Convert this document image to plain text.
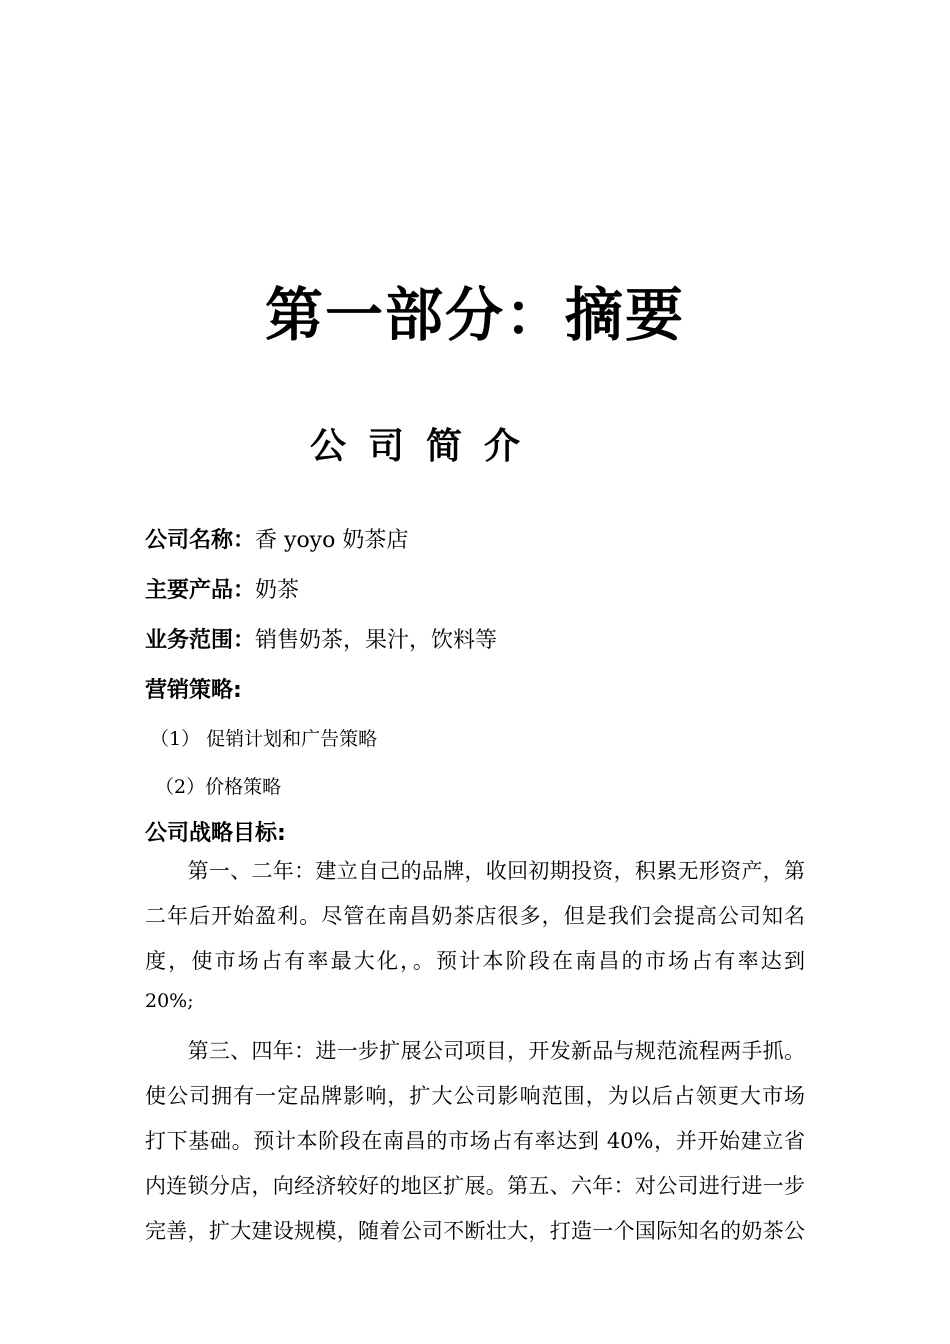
第一部分：摘要
公司简介
公司名称：香 yoyo 奶茶店
主要产品：奶茶
业务范围：销售奶茶，果汁，饮料等
营销策略:
（1） 促销计划和广告策略
（2）价格策略
公司战略目标:
　　第一、二年：建立自己的品牌，收回初期投资，积累无形资产，第
二年后开始盈利。尽管在南昌奶茶店很多，但是我们会提高公司知名
度，使市场占有率最大化，。预计本阶段在南昌的市场占有率达到
20%;
　　第三、四年：进一步扩展公司项目，开发新品与规范流程两手抓。
使公司拥有一定品牌影响，扩大公司影响范围，为以后占领更大市场
打下基础。预计本阶段在南昌的市场占有率达到 40%，并开始建立省
内连锁分店，向经济较好的地区扩展。第五、六年：对公司进行进一步
完善，扩大建设规模，随着公司不断壮大，打造一个国际知名的奶茶公
